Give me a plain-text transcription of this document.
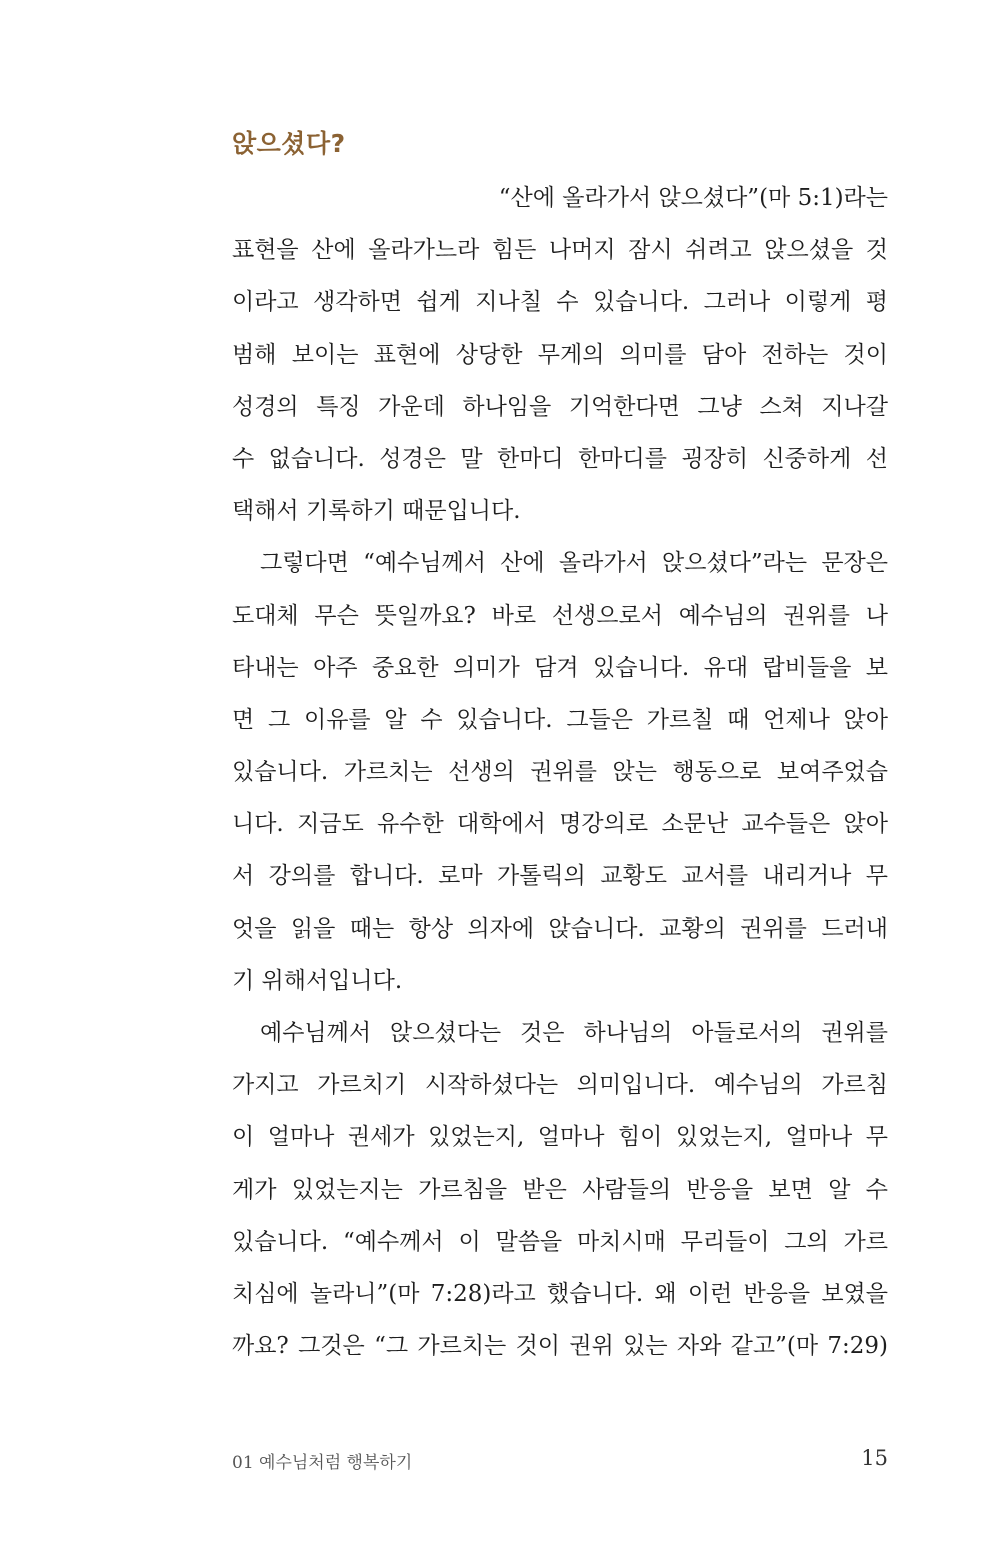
앉으셨다?
“산에 올라가서 앉으셨다”(마 5:1)라는
표현을 산에 올라가느라 힘든 나머지 잠시 쉬려고 앉으셨을 것
이라고 생각하면 쉽게 지나칠 수 있습니다. 그러나 이렇게 평
범해 보이는 표현에 상당한 무게의 의미를 담아 전하는 것이
성경의 특징 가운데 하나임을 기억한다면 그냥 스쳐 지나갈
수 없습니다. 성경은 말 한마디 한마디를 굉장히 신중하게 선
택해서 기록하기 때문입니다.
그렇다면 “예수님께서 산에 올라가서 앉으셨다”라는 문장은
도대체 무슨 뜻일까요? 바로 선생으로서 예수님의 권위를 나
타내는 아주 중요한 의미가 담겨 있습니다. 유대 랍비들을 보
면 그 이유를 알 수 있습니다. 그들은 가르칠 때 언제나 앉아
있습니다. 가르치는 선생의 권위를 앉는 행동으로 보여주었습
니다. 지금도 유수한 대학에서 명강의로 소문난 교수들은 앉아
서 강의를 합니다. 로마 가톨릭의 교황도 교서를 내리거나 무
엇을 읽을 때는 항상 의자에 앉습니다. 교황의 권위를 드러내
기 위해서입니다.
예수님께서 앉으셨다는 것은 하나님의 아들로서의 권위를
가지고 가르치기 시작하셨다는 의미입니다. 예수님의 가르침
이 얼마나 권세가 있었는지, 얼마나 힘이 있었는지, 얼마나 무
게가 있었는지는 가르침을 받은 사람들의 반응을 보면 알 수
있습니다. “예수께서 이 말씀을 마치시매 무리들이 그의 가르
치심에 놀라니”(마 7:28)라고 했습니다. 왜 이런 반응을 보였을
까요? 그것은 “그 가르치는 것이 권위 있는 자와 같고”(마 7:29)
01 예수님처럼 행복하기	15
